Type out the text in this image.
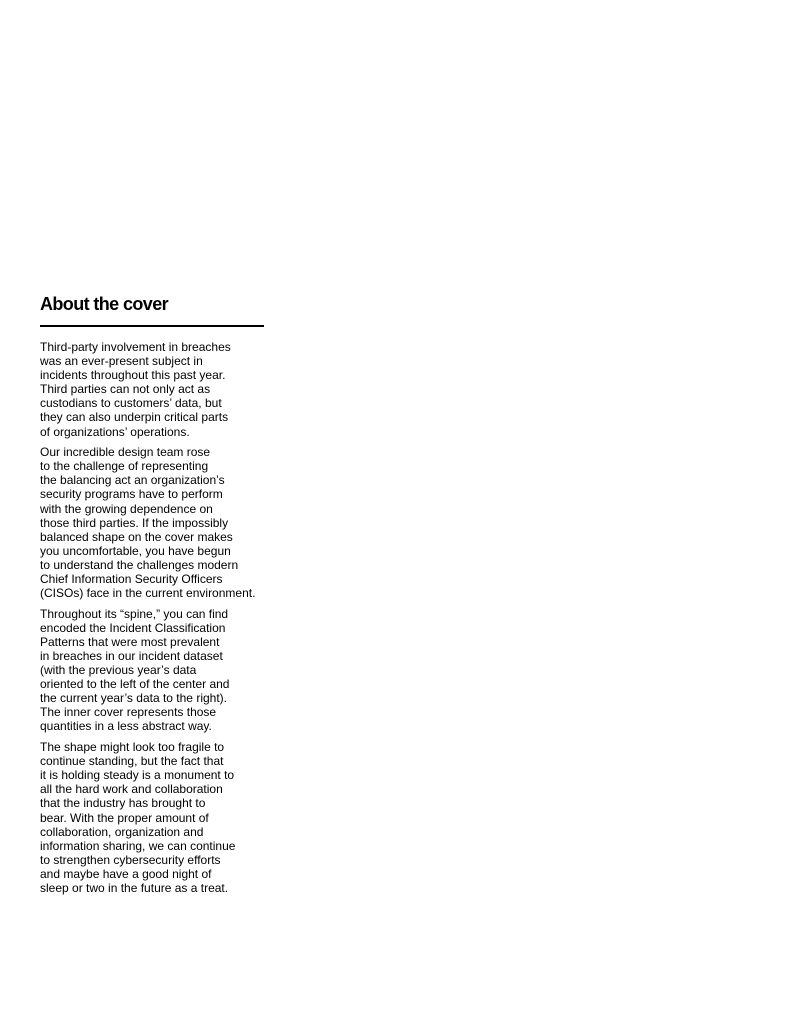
About the cover

Third-party involvement in breaches
was an ever-present subject in
incidents throughout this past year.
Third parties can not only act as
custodians to customers’ data, but
they can also underpin critical parts
of organizations’ operations.

Our incredible design team rose
to the challenge of representing
the balancing act an organization’s
security programs have to perform
with the growing dependence on
those third parties. If the impossibly
balanced shape on the cover makes
you uncomfortable, you have begun
to understand the challenges modern
Chief Information Security Officers
(CISOs) face in the current environment.

Throughout its “spine,” you can find
encoded the Incident Classification
Patterns that were most prevalent
in breaches in our incident dataset
(with the previous year’s data
oriented to the left of the center and
the current year’s data to the right).
The inner cover represents those
quantities in a less abstract way.

The shape might look too fragile to
continue standing, but the fact that
it is holding steady is a monument to
all the hard work and collaboration
that the industry has brought to
bear. With the proper amount of
collaboration, organization and
information sharing, we can continue
to strengthen cybersecurity efforts
and maybe have a good night of
sleep or two in the future as a treat.
